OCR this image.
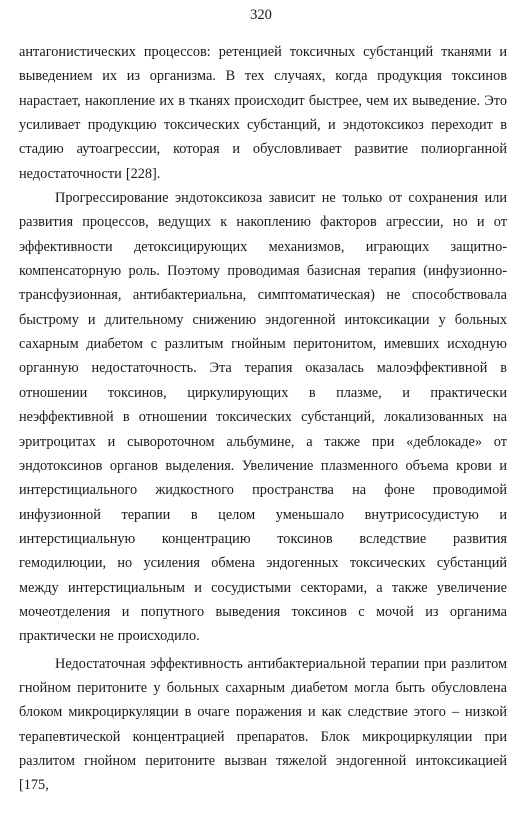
320

антагонистических процессов: ретенцией токсичных субстанций тканями и выведением их из организма. В тех случаях, когда продукция токсинов нарастает, накопление их в тканях происходит быстрее, чем их выведение. Это усиливает продукцию токсических субстанций, и эндотоксикоз переходит в стадию аутоагрессии, которая и обусловливает развитие полиорганной недостаточности [228].

Прогрессирование эндотоксикоза зависит не только от сохранения или развития процессов, ведущих к накоплению факторов агрессии, но и от эффективности детоксицирующих механизмов, играющих защитно-компенсаторную роль. Поэтому проводимая базисная терапия (инфузионно-трансфузионная, антибактериальна, симптоматическая) не способствовала быстрому и длительному снижению эндогенной интоксикации у больных сахарным диабетом с разлитым гнойным перитонитом, имевших исходную органную недостаточность. Эта терапия оказалась малоэффективной в отношении токсинов, циркулирующих в плазме, и практически неэффективной в отношении токсических субстанций, локализованных на эритроцитах и сывороточном альбумине, а также при «деблокаде» от эндотоксинов органов выделения. Увеличение плазменного объема крови и интерстициального жидкостного пространства на фоне проводимой инфузионной терапии в целом уменьшало внутрисосудистую и интерстициальную концентрацию токсинов вследствие развития гемодилюции, но усиления обмена эндогенных токсических субстанций между интерстициальным и сосудистыми секторами, а также увеличение мочеотделения и попутного выведения токсинов с мочой из органима практически не происходило.

Недостаточная эффективность антибактериальной терапии при разлитом гнойном перитоните у больных сахарным диабетом могла быть обусловлена блоком микроциркуляции в очаге поражения и как следствие этого – низкой терапевтической концентрацией препаратов. Блок микроциркуляции при разлитом гнойном перитоните вызван тяжелой эндогенной интоксикацией [175,
